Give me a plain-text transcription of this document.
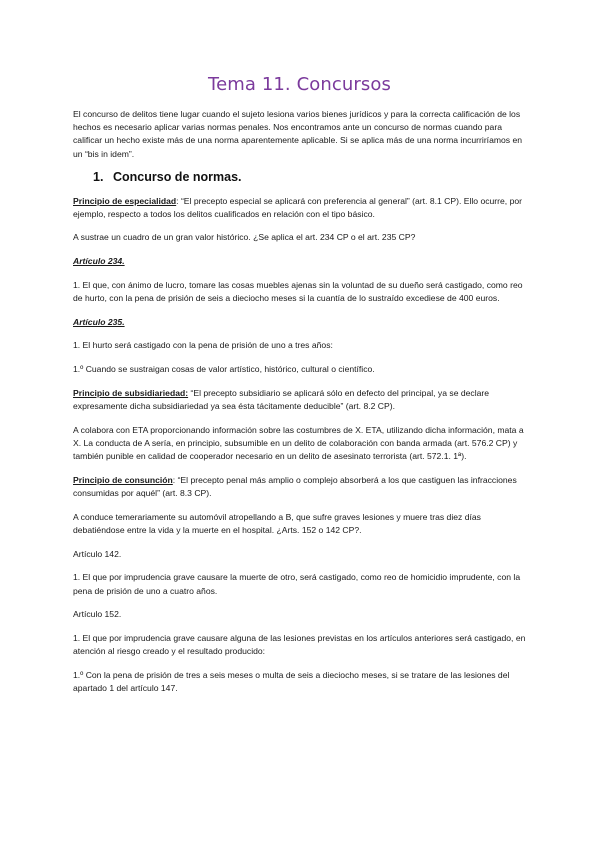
Tema 11. Concursos

El concurso de delitos tiene lugar cuando el sujeto lesiona varios bienes jurídicos y para la correcta calificación de los hechos es necesario aplicar varias normas penales. Nos encontramos ante un concurso de normas cuando para calificar un hecho existe más de una norma aparentemente aplicable. Si se aplica más de una norma incurriríamos en un “bis in idem”.

1. Concurso de normas.

Principio de especialidad: “El precepto especial se aplicará con preferencia al general” (art. 8.1 CP). Ello ocurre, por ejemplo, respecto a todos los delitos cualificados en relación con el tipo básico.

A sustrae un cuadro de un gran valor histórico. ¿Se aplica el art. 234 CP o el art. 235 CP?

Artículo 234.

1. El que, con ánimo de lucro, tomare las cosas muebles ajenas sin la voluntad de su dueño será castigado, como reo de hurto, con la pena de prisión de seis a dieciocho meses si la cuantía de lo sustraído excediese de 400 euros.

Artículo 235.

1. El hurto será castigado con la pena de prisión de uno a tres años:

1.º Cuando se sustraigan cosas de valor artístico, histórico, cultural o científico.

Principio de subsidiariedad: “El precepto subsidiario se aplicará sólo en defecto del principal, ya se declare expresamente dicha subsidiariedad ya sea ésta tácitamente deducible” (art. 8.2 CP).

A colabora con ETA proporcionando información sobre las costumbres de X. ETA, utilizando dicha información, mata a X. La conducta de A sería, en principio, subsumible en un delito de colaboración con banda armada (art. 576.2 CP) y también punible en calidad de cooperador necesario en un delito de asesinato terrorista (art. 572.1. 1ª).

Principio de consunción: “El precepto penal más amplio o complejo absorberá a los que castiguen las infracciones consumidas por aquél” (art. 8.3 CP).

A conduce temerariamente su automóvil atropellando a B, que sufre graves lesiones y muere tras diez días debatiéndose entre la vida y la muerte en el hospital. ¿Arts. 152 o 142 CP?.

Artículo 142.

1. El que por imprudencia grave causare la muerte de otro, será castigado, como reo de homicidio imprudente, con la pena de prisión de uno a cuatro años.

Artículo 152.

1. El que por imprudencia grave causare alguna de las lesiones previstas en los artículos anteriores será castigado, en atención al riesgo creado y el resultado producido:

1.º Con la pena de prisión de tres a seis meses o multa de seis a dieciocho meses, si se tratare de las lesiones del apartado 1 del artículo 147.
